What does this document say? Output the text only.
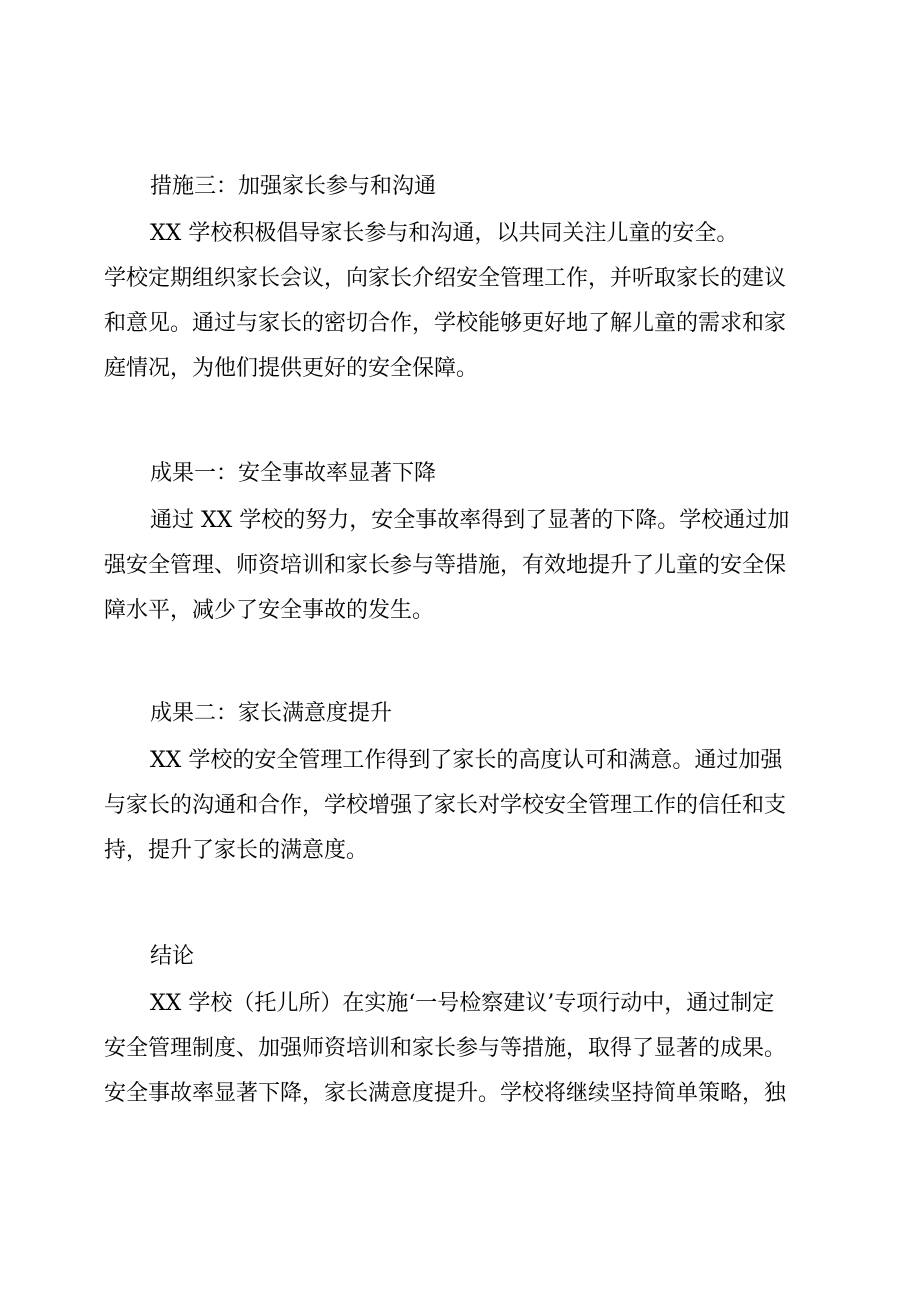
措施三：加强家长参与和沟通

XX 学校积极倡导家长参与和沟通，以共同关注儿童的安全。
学校定期组织家长会议，向家长介绍安全管理工作，并听取家长的建议
和意见。通过与家长的密切合作，学校能够更好地了解儿童的需求和家
庭情况，为他们提供更好的安全保障。

成果一：安全事故率显著下降

通过 XX 学校的努力，安全事故率得到了显著的下降。学校通过加
强安全管理、师资培训和家长参与等措施，有效地提升了儿童的安全保
障水平，减少了安全事故的发生。

成果二：家长满意度提升

XX 学校的安全管理工作得到了家长的高度认可和满意。通过加强
与家长的沟通和合作，学校增强了家长对学校安全管理工作的信任和支
持，提升了家长的满意度。

结论

XX 学校（托儿所）在实施‘一号检察建议’专项行动中，通过制定
安全管理制度、加强师资培训和家长参与等措施，取得了显著的成果。
安全事故率显著下降，家长满意度提升。学校将继续坚持简单策略，独
